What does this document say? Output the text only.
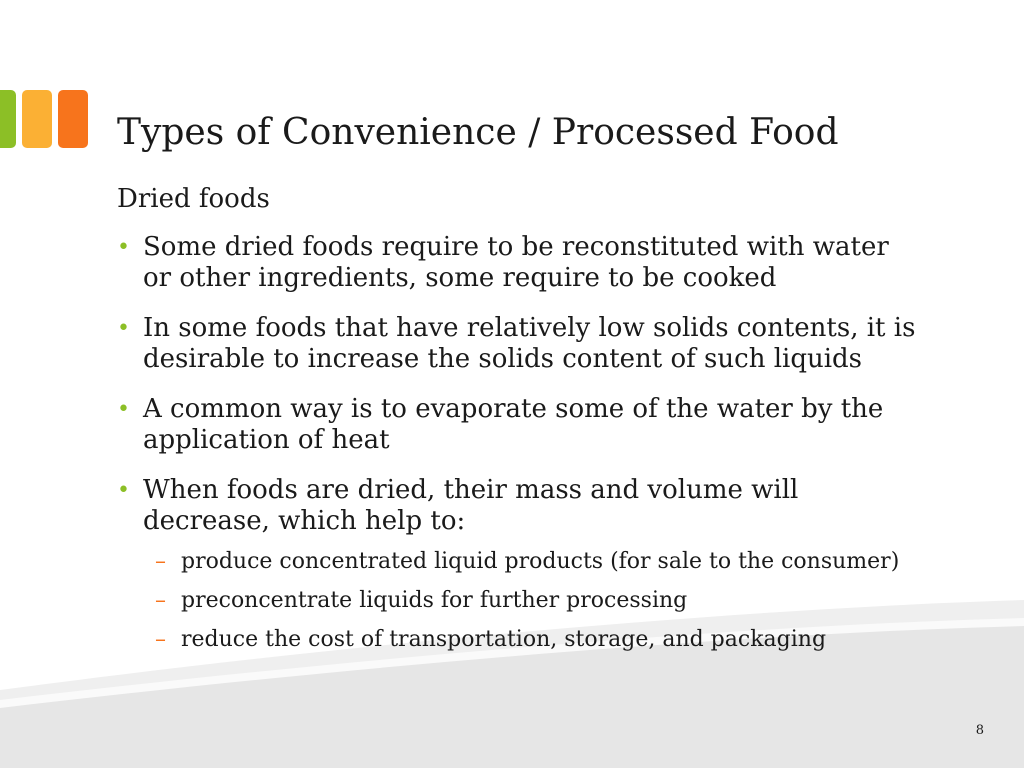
Types of Convenience / Processed Food

Dried foods

• Some dried foods require to be reconstituted with water or other ingredients, some require to be cooked
• In some foods that have relatively low solids contents, it is desirable to increase the solids content of such liquids
• A common way is to evaporate some of the water by the application of heat
• When foods are dried, their mass and volume will decrease, which help to:
– produce concentrated liquid products (for sale to the consumer)
– preconcentrate liquids for further processing
– reduce the cost of transportation, storage, and packaging
8
